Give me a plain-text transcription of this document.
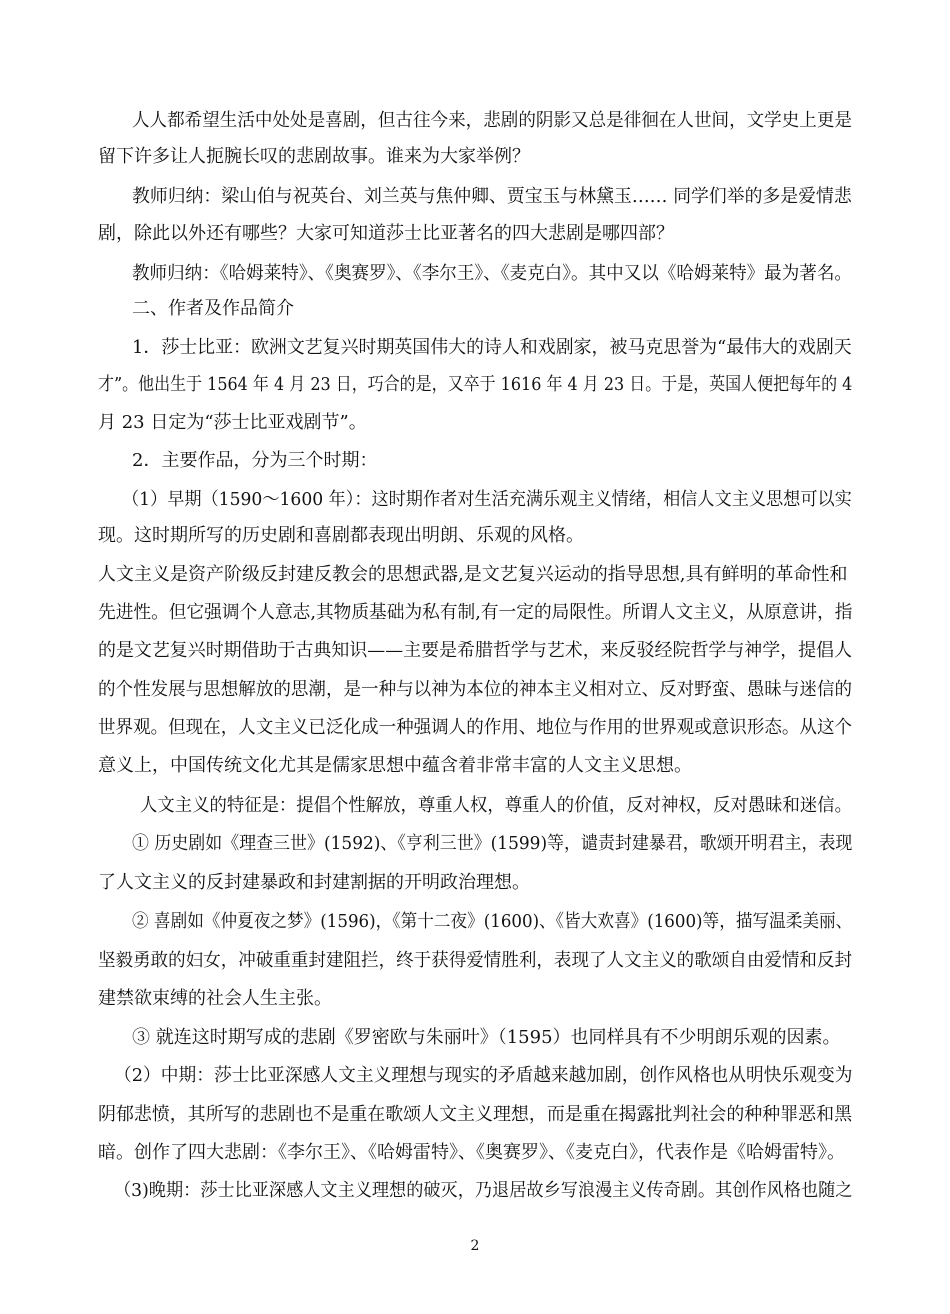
人人都希望生活中处处是喜剧，但古往今来，悲剧的阴影又总是徘徊在人世间，文学史上更是
留下许多让人扼腕长叹的悲剧故事。谁来为大家举例？
教师归纳：梁山伯与祝英台、刘兰英与焦仲卿、贾宝玉与林黛玉…… 同学们举的多是爱情悲
剧，除此以外还有哪些？大家可知道莎士比亚著名的四大悲剧是哪四部？
教师归纳：《哈姆莱特》、《奥赛罗》、《李尔王》、《麦克白》。其中又以《哈姆莱特》最为著名。
二、作者及作品简介
1．莎士比亚：欧洲文艺复兴时期英国伟大的诗人和戏剧家，被马克思誉为“最伟大的戏剧天
才”。他出生于 1564 年 4 月 23 日，巧合的是，又卒于 1616 年 4 月 23 日。于是，英国人便把每年的 4
月 23 日定为“莎士比亚戏剧节”。
2．主要作品，分为三个时期：
（1）早期（1590～1600 年）：这时期作者对生活充满乐观主义情绪，相信人文主义思想可以实
现。这时期所写的历史剧和喜剧都表现出明朗、乐观的风格。
人文主义是资产阶级反封建反教会的思想武器,是文艺复兴运动的指导思想,具有鲜明的革命性和
先进性。但它强调个人意志,其物质基础为私有制,有一定的局限性。所谓人文主义，从原意讲，指
的是文艺复兴时期借助于古典知识——主要是希腊哲学与艺术，来反驳经院哲学与神学，提倡人
的个性发展与思想解放的思潮，是一种与以神为本位的神本主义相对立、反对野蛮、愚昧与迷信的
世界观。但现在，人文主义已泛化成一种强调人的作用、地位与作用的世界观或意识形态。从这个
意义上，中国传统文化尤其是儒家思想中蕴含着非常丰富的人文主义思想。
人文主义的特征是：提倡个性解放，尊重人权，尊重人的价值，反对神权，反对愚昧和迷信。
① 历史剧如《理查三世》(1592)、《亨利三世》(1599)等，谴责封建暴君，歌颂开明君主，表现
了人文主义的反封建暴政和封建割据的开明政治理想。
② 喜剧如《仲夏夜之梦》(1596)，《第十二夜》(1600)、《皆大欢喜》(1600)等，描写温柔美丽、
坚毅勇敢的妇女，冲破重重封建阻拦，终于获得爱情胜利，表现了人文主义的歌颂自由爱情和反封
建禁欲束缚的社会人生主张。
③ 就连这时期写成的悲剧《罗密欧与朱丽叶》（1595）也同样具有不少明朗乐观的因素。
（2）中期：莎士比亚深感人文主义理想与现实的矛盾越来越加剧，创作风格也从明快乐观变为
阴郁悲愤，其所写的悲剧也不是重在歌颂人文主义理想，而是重在揭露批判社会的种种罪恶和黑
暗。创作了四大悲剧：《李尔王》、《哈姆雷特》、《奥赛罗》、《麦克白》，代表作是《哈姆雷特》。
（3)晚期：莎士比亚深感人文主义理想的破灭，乃退居故乡写浪漫主义传奇剧。其创作风格也随之
2
